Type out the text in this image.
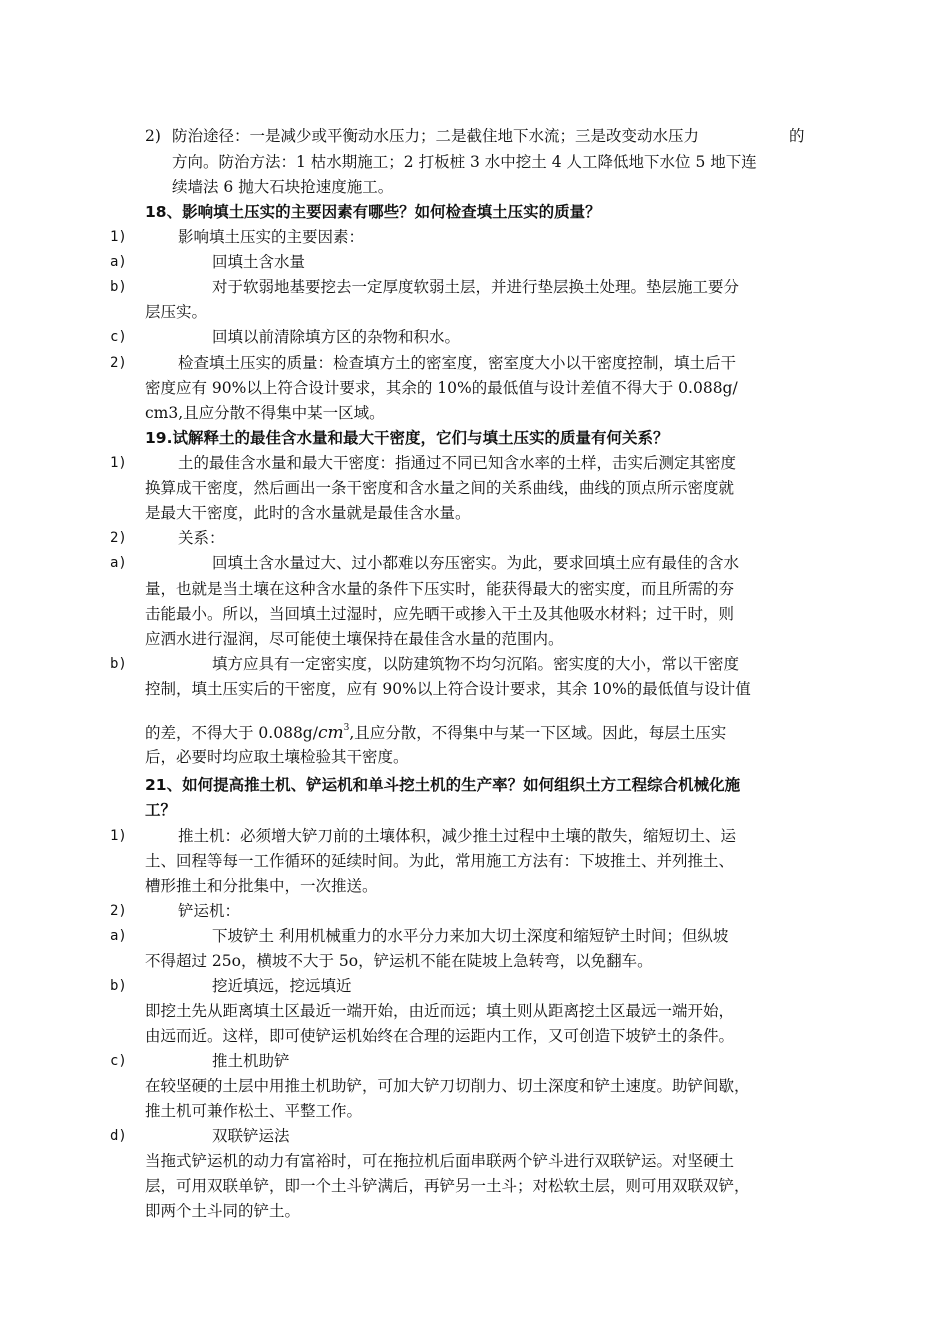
2) 防治途径：一是减少或平衡动水压力；二是截住地下水流；三是改变动水压力	的
方向。防治方法：1 枯水期施工；2 打板桩 3 水中挖土 4 人工降低地下水位 5 地下连
续墙法 6 抛大石块抢速度施工。
18、影响填土压实的主要因素有哪些？如何检查填土压实的质量？
1)	影响填土压实的主要因素：
a)	回填土含水量
b)	对于软弱地基要挖去一定厚度软弱土层，并进行垫层换土处理。垫层施工要分
层压实。
c)	回填以前清除填方区的杂物和积水。
2)	检查填土压实的质量：检查填方土的密室度，密室度大小以干密度控制，填土后干
密度应有 90%以上符合设计要求，其余的 10%的最低值与设计差值不得大于 0.088g/
cm3,且应分散不得集中某一区域。
19.试解释土的最佳含水量和最大干密度，它们与填土压实的质量有何关系？
1)	土的最佳含水量和最大干密度：指通过不同已知含水率的土样，击实后测定其密度
换算成干密度，然后画出一条干密度和含水量之间的关系曲线，曲线的顶点所示密度就
是最大干密度，此时的含水量就是最佳含水量。
2)	关系：
a)	回填土含水量过大、过小都难以夯压密实。为此，要求回填土应有最佳的含水
量，也就是当土壤在这种含水量的条件下压实时，能获得最大的密实度，而且所需的夯
击能最小。所以，当回填土过湿时，应先晒干或掺入干土及其他吸水材料；过干时，则
应洒水进行湿润，尽可能使土壤保持在最佳含水量的范围内。
b)	填方应具有一定密实度，以防建筑物不均匀沉陷。密实度的大小，常以干密度
控制，填土压实后的干密度，应有 90%以上符合设计要求，其余 10%的最低值与设计值
的差，不得大于 $0.088g/cm^3$,且应分散，不得集中与某一下区域。因此，每层土压实
后，必要时均应取土壤检验其干密度。
21、如何提高推土机、铲运机和单斗挖土机的生产率？如何组织土方工程综合机械化施
工？
1)	推土机：必须增大铲刀前的土壤体积，减少推土过程中土壤的散失，缩短切土、运
土、回程等每一工作循环的延续时间。为此，常用施工方法有：下坡推土、并列推土、
槽形推土和分批集中，一次推送。
2)	铲运机：
a)	下坡铲土 利用机械重力的水平分力来加大切土深度和缩短铲土时间；但纵坡
不得超过 25o，横坡不大于 5o，铲运机不能在陡坡上急转弯，以免翻车。
b)	挖近填远，挖远填近
即挖土先从距离填土区最近一端开始，由近而远；填土则从距离挖土区最远一端开始，
由远而近。这样，即可使铲运机始终在合理的运距内工作，又可创造下坡铲土的条件。
c)	推土机助铲
在较坚硬的土层中用推土机助铲，可加大铲刀切削力、切土深度和铲土速度。助铲间歇，
推土机可兼作松土、平整工作。
d)	双联铲运法
当拖式铲运机的动力有富裕时，可在拖拉机后面串联两个铲斗进行双联铲运。对坚硬土
层，可用双联单铲，即一个土斗铲满后，再铲另一土斗；对松软土层，则可用双联双铲，
即两个土斗同的铲土。
